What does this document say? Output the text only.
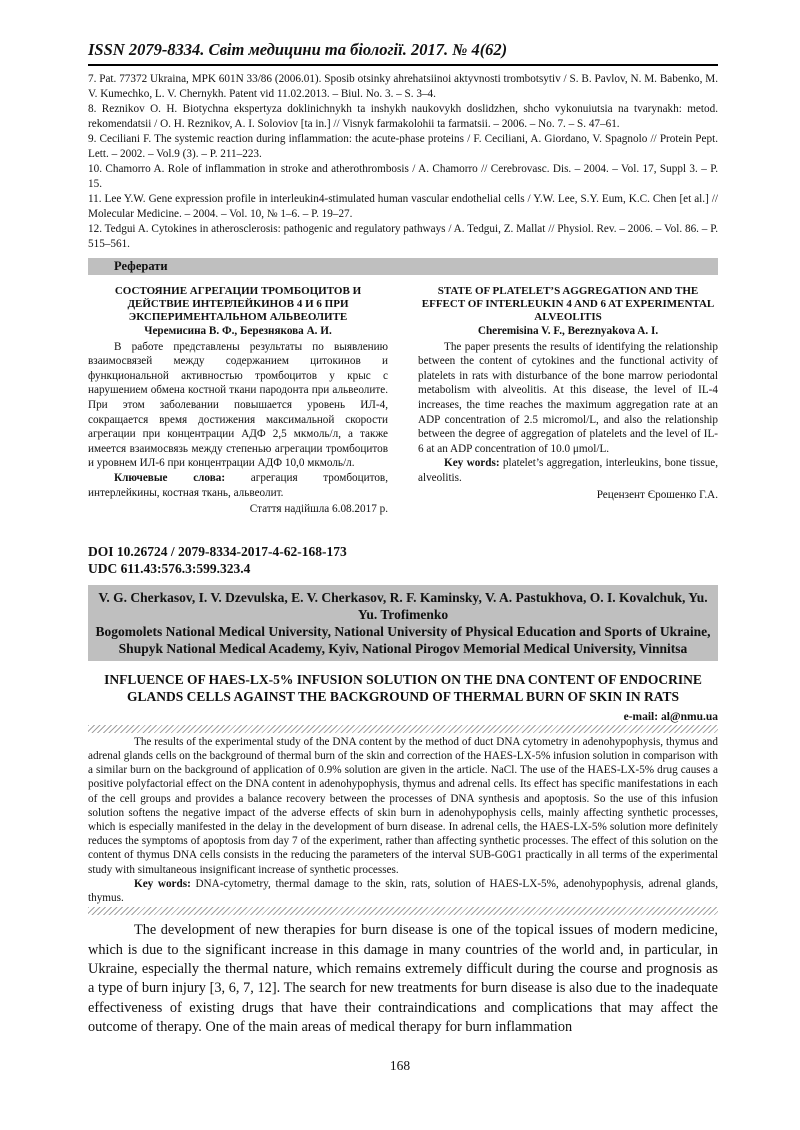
ISSN 2079-8334. Світ медицини та біології. 2017. № 4(62)

7. Pat. 77372 Ukraina, MPK 601N 33/86 (2006.01). Sposib otsinky ahrehatsiinoi aktyvnosti trombotsytiv / S. B. Pavlov, N. M. Babenko, M. V. Kumechko, L. V. Chernykh. Patent vid 11.02.2013. – Biul. No. 3. – S. 3–4.

8. Reznikov O. H. Biotychna ekspertyza doklinichnykh ta inshykh naukovykh doslidzhen, shcho vykonuiutsia na tvarynakh: metod. rekomendatsii / O. H. Reznikov, A. I. Soloviov [ta in.] // Visnyk farmakolohii ta farmatsii. – 2006. – No. 7. – S. 47–61.

9. Ceciliani F. The systemic reaction during inflammation: the acute-phase proteins / F. Ceciliani, A. Giordano, V. Spagnolo // Protein Pept. Lett. – 2002. – Vol.9 (3). – P. 211–223.

10. Chamorro A. Role of inflammation in stroke and atherothrombosis / A. Chamorro // Cerebrovasc. Dis. – 2004. – Vol. 17, Suppl 3. – P. 15.

11. Lee Y.W. Gene expression profile in interleukin4-stimulated human vascular endothelial cells / Y.W. Lee, S.Y. Eum, K.C. Chen [et al.] // Molecular Medicine. – 2004. – Vol. 10, № 1–6. – P. 19–27.

12. Tedgui A. Cytokines in atherosclerosis: pathogenic and regulatory pathways / A. Tedgui, Z. Mallat // Physiol. Rev. – 2006. – Vol. 86. – P. 515–561.

Реферати
СОСТОЯНИЕ АГРЕГАЦИИ ТРОМБОЦИТОВ И ДЕЙСТВИЕ ИНТЕРЛЕЙКИНОВ 4 И 6 ПРИ ЭКСПЕРИМЕНТАЛЬНОМ АЛЬВЕОЛИТЕ
Черемисина В. Ф., Березнякова А. И.

В работе представлены результаты по выявлению взаимосвязей между содержанием цитокинов и функциональной активностью тромбоцитов у крыс с нарушением обмена костной ткани пародонта при альвеолите. При этом заболевании повышается уровень ИЛ-4, сокращается время достижения максимальной скорости агрегации при концентрации АДФ 2,5 мкмоль/л, а также имеется взаимосвязь между степенью агрегации тромбоцитов и уровнем ИЛ-6 при концентрации АДФ 10,0 мкмоль/л.

Ключевые слова: агрегация тромбоцитов, интерлейкины, костная ткань, альвеолит.

Стаття надійшла 6.08.2017 р.
STATE OF PLATELET’S AGGREGATION AND THE EFFECT OF INTERLEUKIN 4 AND 6 AT EXPERIMENTAL ALVEOLITIS
Cheremisina V. F., Bereznyakova A. I.

The paper presents the results of identifying the relationship between the content of cytokines and the functional activity of platelets in rats with disturbance of the bone marrow periodontal metabolism with alveolitis. At this disease, the level of IL-4 increases, the time reaches the maximum aggregation rate at an ADP concentration of 2.5 micromol/L, and also the relationship between the degree of aggregation of platelets and the level of IL-6 at an ADP concentration of 10.0 μmol/L.

Key words: platelet’s aggregation, interleukins, bone tissue, alveolitis.

Рецензент Єрошенко Г.А.
DOI 10.26724 / 2079-8334-2017-4-62-168-173
UDC 611.43:576.3:599.323.4
V. G. Cherkasov, I. V. Dzevulska, E. V. Cherkasov, R. F. Kaminsky, V. A. Pastukhova, O. I. Kovalchuk, Yu. Yu. Trofimenko
Bogomolets National Medical University, National University of Physical Education and Sports of Ukraine, Shupyk National Medical Academy, Kyiv, National Pirogov Memorial Medical University, Vinnitsa
INFLUENCE OF HAES-LX-5% INFUSION SOLUTION ON THE DNA CONTENT OF ENDOCRINE GLANDS CELLS AGAINST THE BACKGROUND OF THERMAL BURN OF SKIN IN RATS
e-mail: al@nmu.ua

The results of the experimental study of the DNA content by the method of duct DNA cytometry in adenohypophysis, thymus and adrenal glands cells on the background of thermal burn of the skin and correction of the HAES-LX-5% infusion solution in comparison with a similar burn on the background of application of 0.9% solution are given in the article. NaCl. The use of the HAES-LX-5% drug causes a positive polyfactorial effect on the DNA content in adenohypophysis, thymus and adrenal cells. Its effect has specific manifestations in each of the cell groups and provides a balance recovery between the processes of DNA synthesis and apoptosis. So the use of this infusion solution softens the negative impact of the adverse effects of skin burn in adenohypophysis cells, mainly affecting synthetic processes, which is especially manifested in the delay in the development of burn disease. In adrenal cells, the HAES-LX-5% solution more definitely reduces the symptoms of apoptosis from day 7 of the experiment, rather than affecting synthetic processes. The effect of this solution on the content of thymus DNA cells consists in the reducing the parameters of the interval SUB-G0G1 practically in all terms of the experimental study with simultaneous insignificant increase of synthetic processes.

Key words: DNA-cytometry, thermal damage to the skin, rats, solution of HAES-LX-5%, adenohypophysis, adrenal glands, thymus.

The development of new therapies for burn disease is one of the topical issues of modern medicine, which is due to the significant increase in this damage in many countries of the world and, in particular, in Ukraine, especially the thermal nature, which remains extremely difficult during the course and prognosis as a type of burn injury [3, 6, 7, 12]. The search for new treatments for burn disease is also due to the inadequate effectiveness of existing drugs that have their contraindications and complications that may affect the outcome of therapy. One of the main areas of medical therapy for burn inflammation

168
